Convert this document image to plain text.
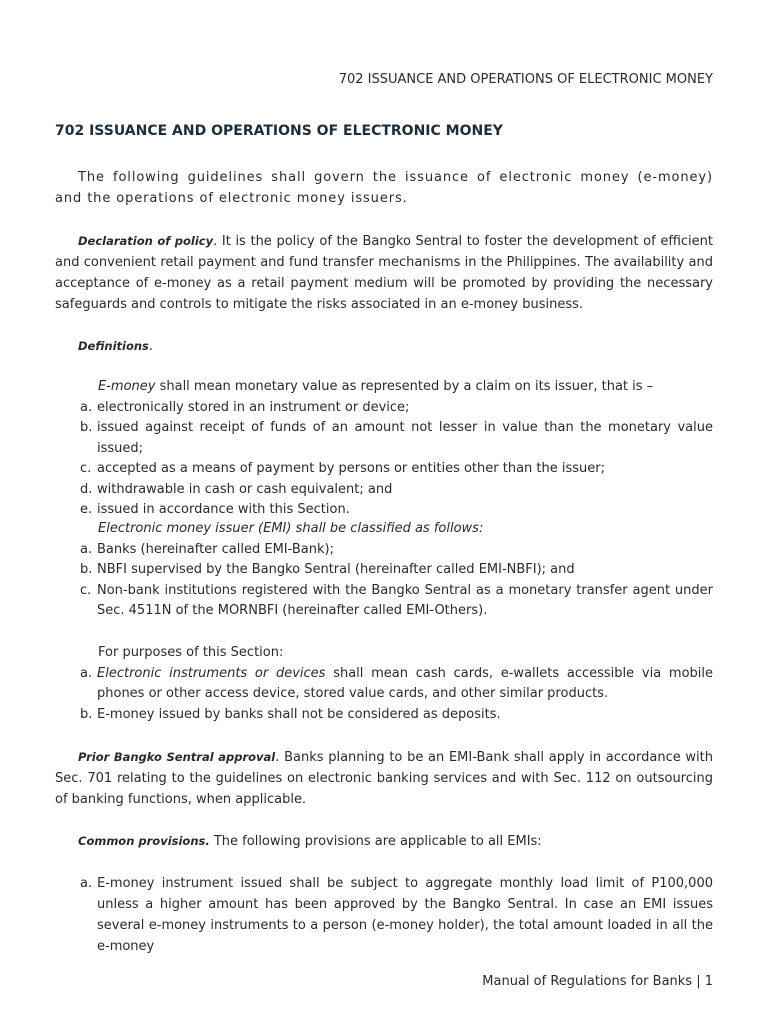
702 ISSUANCE AND OPERATIONS OF ELECTRONIC MONEY
702 ISSUANCE AND OPERATIONS OF ELECTRONIC MONEY

The following guidelines shall govern the issuance of electronic money (e-money) and the operations of electronic money issuers.

Declaration of policy. It is the policy of the Bangko Sentral to foster the development of efficient and convenient retail payment and fund transfer mechanisms in the Philippines. The availability and acceptance of e-money as a retail payment medium will be promoted by providing the necessary safeguards and controls to mitigate the risks associated in an e-money business.

Definitions.

E-money shall mean monetary value as represented by a claim on its issuer, that is –

a. electronically stored in an instrument or device;
b. issued against receipt of funds of an amount not lesser in value than the monetary value issued;
c. accepted as a means of payment by persons or entities other than the issuer;
d. withdrawable in cash or cash equivalent; and
e. issued in accordance with this Section.

Electronic money issuer (EMI) shall be classified as follows:

a. Banks (hereinafter called EMI-Bank);
b. NBFI supervised by the Bangko Sentral (hereinafter called EMI-NBFI); and
c. Non-bank institutions registered with the Bangko Sentral as a monetary transfer agent under Sec. 4511N of the MORNBFI (hereinafter called EMI-Others).

For purposes of this Section:

a. Electronic instruments or devices shall mean cash cards, e-wallets accessible via mobile phones or other access device, stored value cards, and other similar products.
b. E-money issued by banks shall not be considered as deposits.

Prior Bangko Sentral approval. Banks planning to be an EMI-Bank shall apply in accordance with Sec. 701 relating to the guidelines on electronic banking services and with Sec. 112 on outsourcing of banking functions, when applicable.

Common provisions. The following provisions are applicable to all EMIs:

a. E-money instrument issued shall be subject to aggregate monthly load limit of P100,000 unless a higher amount has been approved by the Bangko Sentral. In case an EMI issues several e-money instruments to a person (e-money holder), the total amount loaded in all the e-money
Manual of Regulations for Banks | 1
